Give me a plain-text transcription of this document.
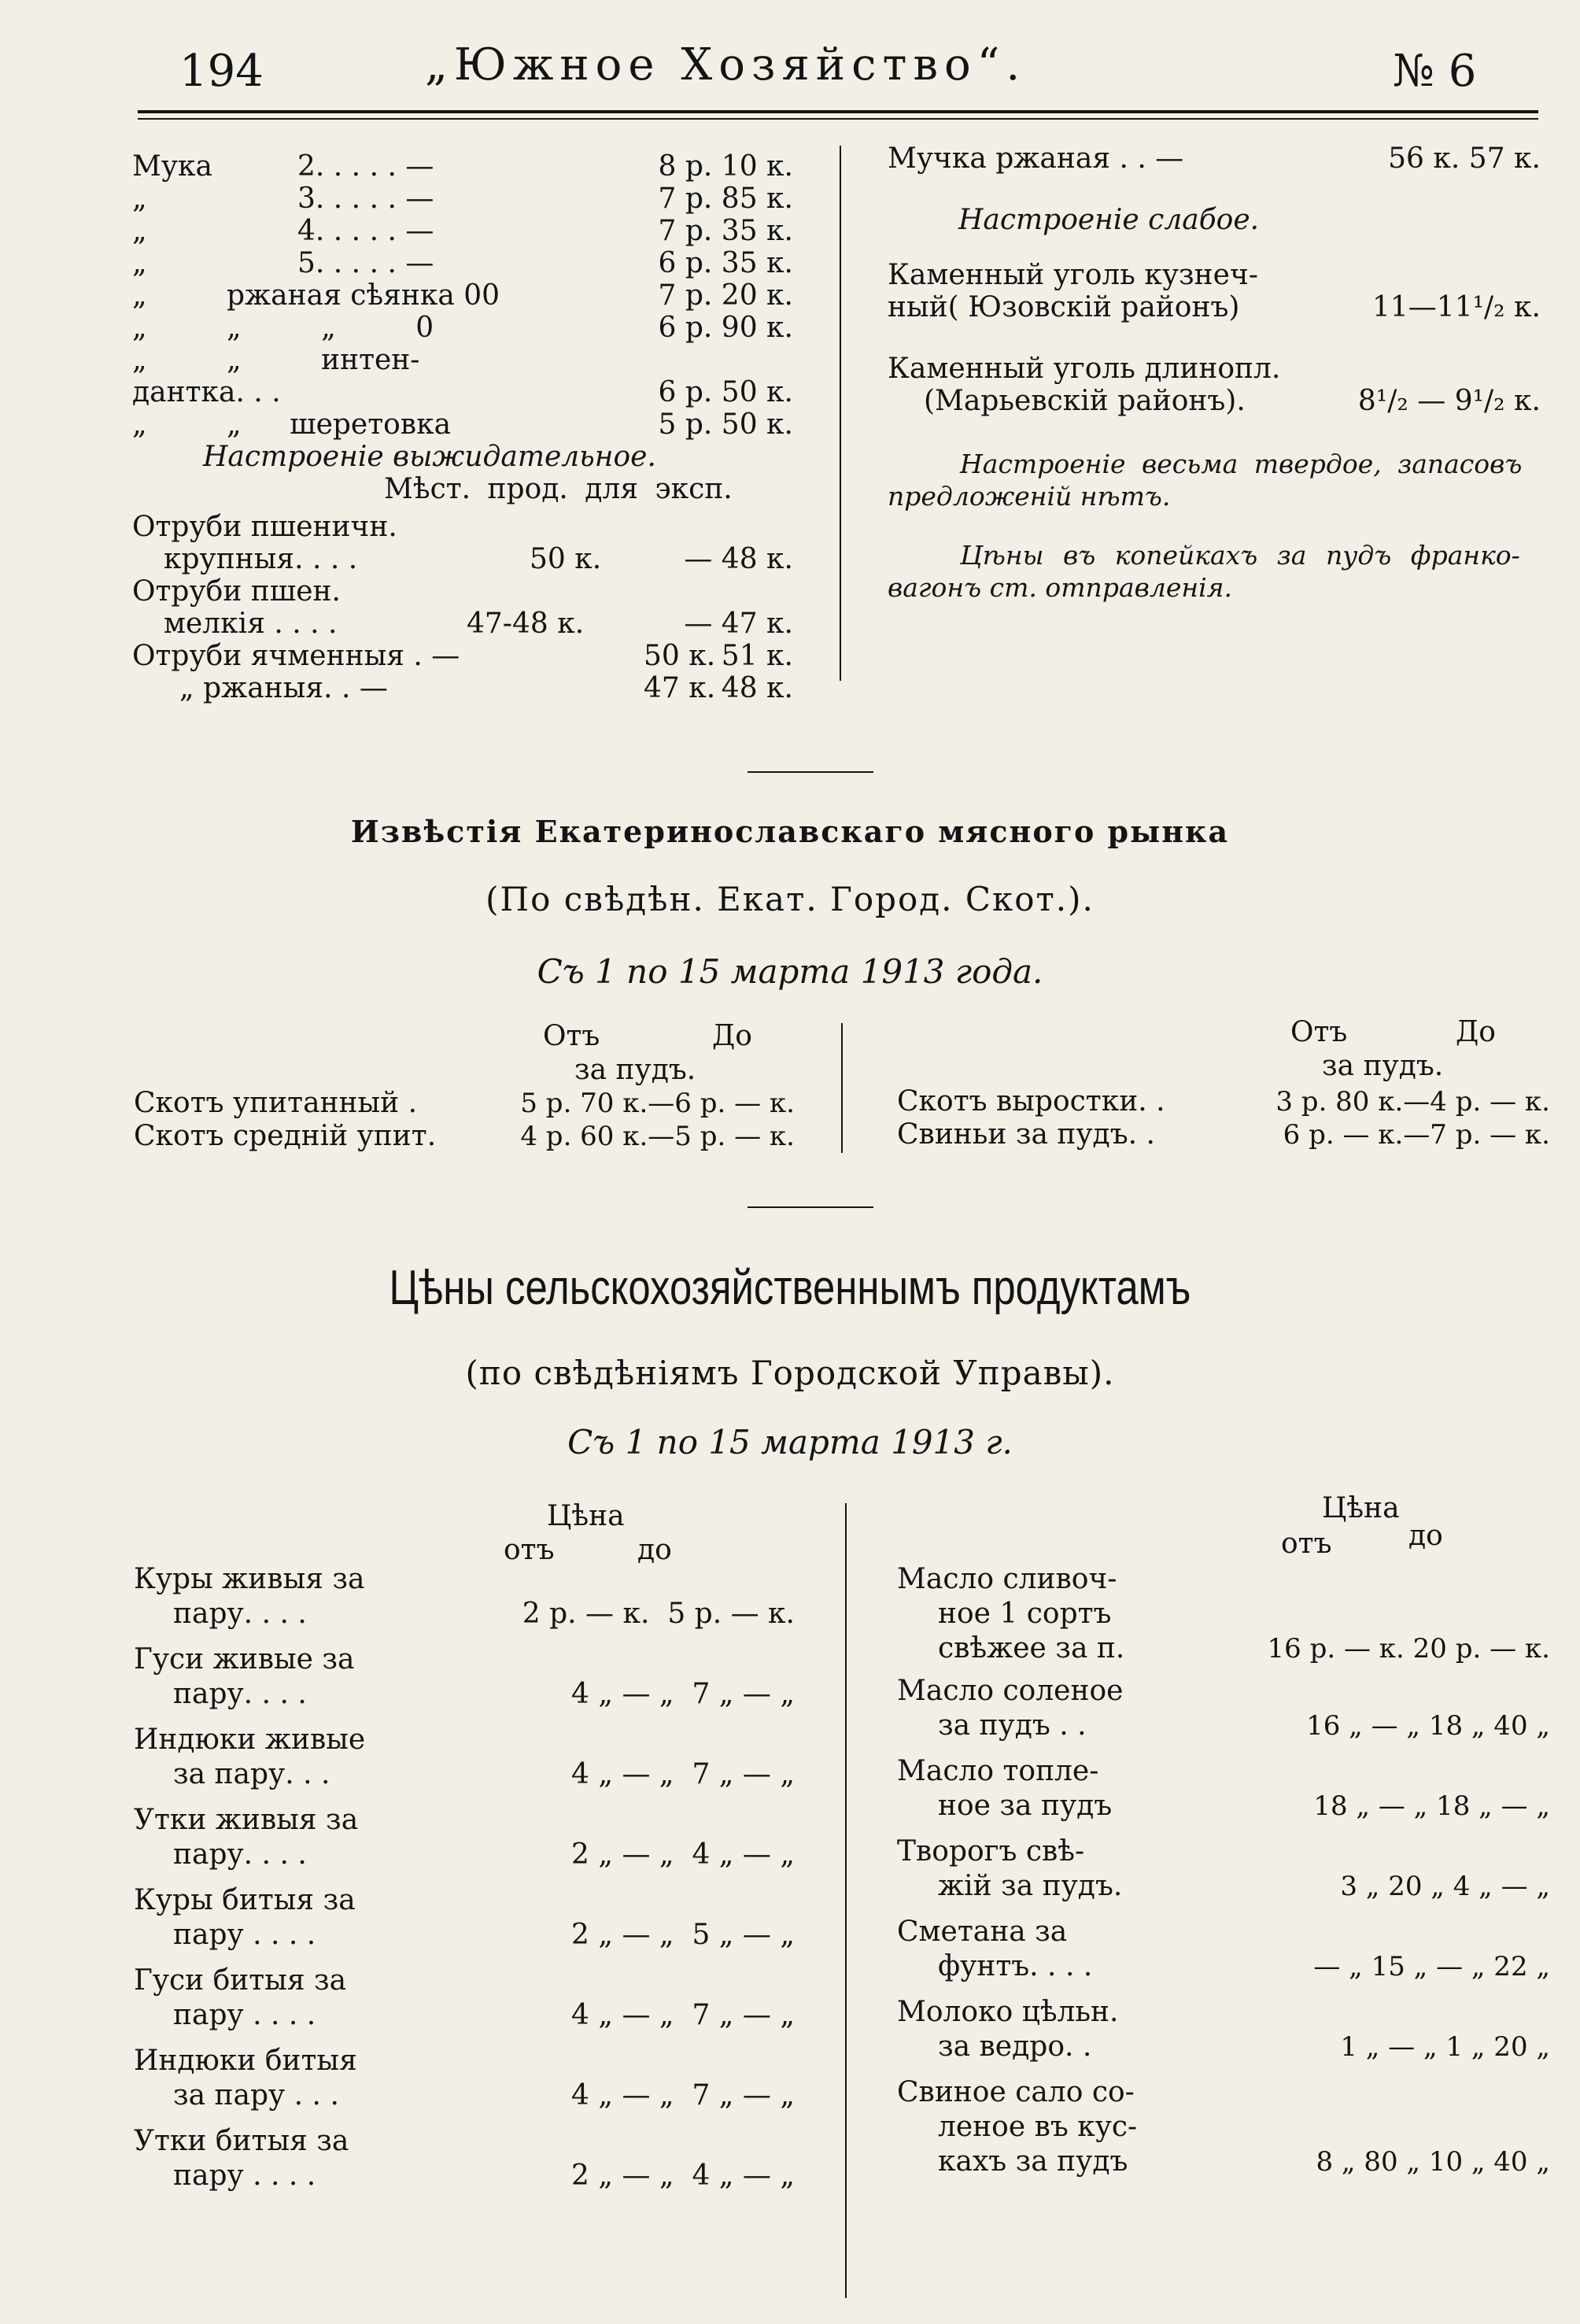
194	„Южное Хозяйство“.	№ 6
Мука	2. . . . . —	8 р. 10 к.
„	3. . . . . —	7 р. 85 к.
„	4. . . . . —	7 р. 35 к.
„	5. . . . . —	6 р. 35 к.
„	ржаная сѣянка 00	7 р. 20 к.
„	„ „ 0	6 р. 90 к.
„	„ интен-
дантка. . .	6 р. 50 к.
„	„ шеретовка	5 р. 50 к.
Настроеніе выжидательное.
Мѣст. прод. для эксп.
Отруби пшеничн.
крупныя. . . .	50 к.	— 48 к.
Отруби пшен.
мелкія . . . .	47-48 к.	— 47 к.
Отруби ячменныя . —	50 к. 51 к.
„ ржаныя. . —	47 к. 48 к.
Мучка ржаная . . —	56 к. 57 к.
Настроеніе слабое.
Каменный уголь кузнеч-
ный( Юзовскій районъ)	11—11¹/₂ к.
Каменный уголь длинопл.
(Марьевскій районъ).	8¹/₂ — 9¹/₂ к.
Настроеніе весьма твердое, запасовъ
предложеній нѣтъ.
Цѣны въ копейкахъ за пудъ франко-
вагонъ ст. отправленія.
Извѣстія Екатеринославскаго мясного рынка
(По свѣдѣн. Екат. Город. Скот.).
Съ 1 по 15 марта 1913 года.
Отъ	До
за пудъ.
Отъ	До
за пудъ.
Скотъ упитанный .	5 р. 70 к.—6 р. — к.
Скотъ средній упит.	4 р. 60 к.—5 р. — к.
Скотъ выростки. .	3 р. 80 к.—4 р. — к.
Свиньи за пудъ. .	6 р. — к.—7 р. — к.
Цѣны сельскохозяйственнымъ продуктамъ
(по свѣдѣніямъ Городской Управы).
Съ 1 по 15 марта 1913 г.
Цѣна
отъ	до
Цѣна
отъ	до
Куры живыя за
пару. . . .	2 р. — к.  5 р. — к.
Гуси живые за
пару. . . .	4 „ — „  7 „ — „
Индюки живые
за пару. . .	4 „ — „  7 „ — „
Утки живыя за
пару. . . .	2 „ — „  4 „ — „
Куры битыя за
пару . . . .	2 „ — „  5 „ — „
Гуси битыя за
пару . . . .	4 „ — „  7 „ — „
Индюки битыя
за пару . . .	4 „ — „  7 „ — „
Утки битыя за
пару . . . .	2 „ — „  4 „ — „
Масло сливоч-
ное 1 сортъ
свѣжее за п.	16 р. — к. 20 р. — к.
Масло соленое
за пудъ . .	16 „ — „ 18 „ 40 „
Масло топле-
ное за пудъ	18 „ — „ 18 „ — „
Творогъ свѣ-
жій за пудъ.	3 „ 20 „ 4 „ — „
Сметана за
фунтъ. . . .	— „ 15 „ — „ 22 „
Молоко цѣльн.
за ведро. .	1 „ — „ 1 „ 20 „
Свиное сало со-
леное въ кус-
кахъ за пудъ	8 „ 80 „ 10 „ 40 „
